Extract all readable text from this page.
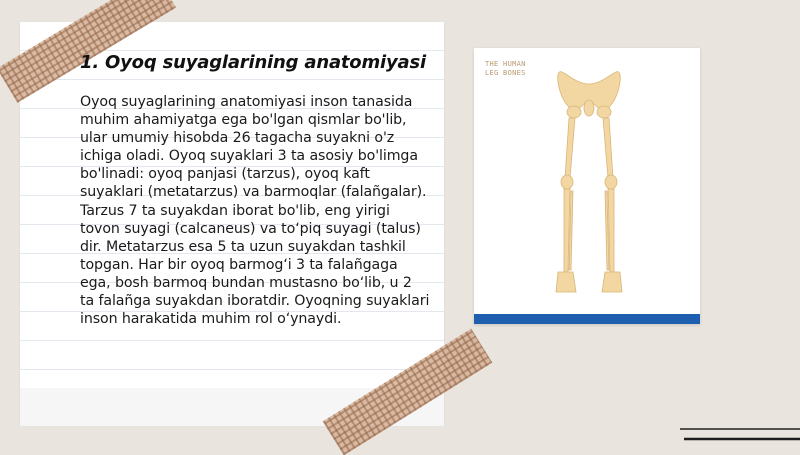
1. Oyoq suyaglarining anatomiyasi

Oyoq suyaglarining anatomiyasi inson tanasida muhim ahamiyatga ega bo'lgan qismlar bo'lib, ular umumiy hisobda 26 tagacha suyakni o'z ichiga oladi. Oyoq suyaklari 3 ta asosiy bo'limga bo'linadi: oyoq panjasi (tarzus), oyoq kaft suyaklari (metatarzus) va barmoqlar (falañgalar). Tarzus 7 ta suyakdan iborat bo'lib, eng yirigi tovon suyagi (calcaneus) va to‘piq suyagi (talus) dir. Metatarzus esa 5 ta uzun suyakdan tashkil topgan. Har bir oyoq barmog‘i 3 ta falañgaga ega, bosh barmoq bundan mustasno bo‘lib, u 2 ta falañga suyakdan iboratdir. Oyoqning suyaklari inson harakatida muhim rol o‘ynaydi.

THE HUMAN
LEG BONES
